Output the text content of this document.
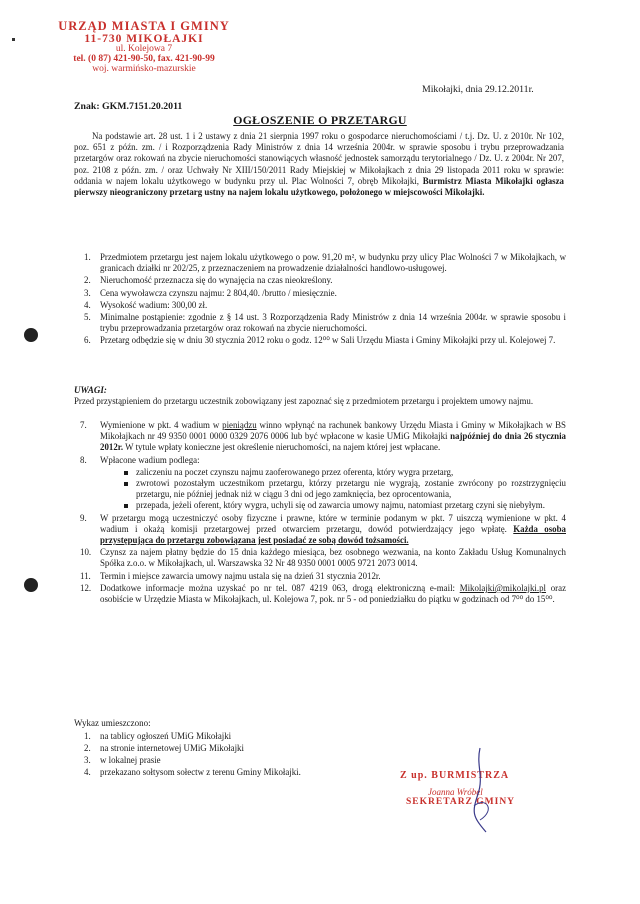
URZĄD MIASTA I GMINY
11-730 MIKOŁAJKI
ul. Kolejowa 7
tel. (0 87) 421-90-50, fax. 421-90-99
woj. warmińsko-mazurskie
Mikołajki, dnia 29.12.2011r.
Znak: GKM.7151.20.2011
OGŁOSZENIE O PRZETARGU
Na podstawie art. 28 ust. 1 i 2 ustawy z dnia 21 sierpnia 1997 roku o gospodarce nieruchomościami / t.j. Dz. U. z 2010r. Nr 102, poz. 651 z późn. zm. / i Rozporządzenia Rady Ministrów z dnia 14 września 2004r. w sprawie sposobu i trybu przeprowadzania przetargów oraz rokowań na zbycie nieruchomości stanowiących własność jednostek samorządu terytorialnego / Dz. U. z 2004r. Nr 207, poz. 2108 z późn. zm. / oraz Uchwały Nr XIII/150/2011 Rady Miejskiej w Mikołajkach z dnia 29 listopada 2011 roku w sprawie: oddania w najem lokalu użytkowego w budynku przy ul. Plac Wolności 7, obręb Mikołajki, Burmistrz Miasta Mikołajki ogłasza pierwszy nieograniczony przetarg ustny na najem lokalu użytkowego, położonego w miejscowości Mikołajki.
1. Przedmiotem przetargu jest najem lokalu użytkowego o pow. 91,20 m², w budynku przy ulicy Plac Wolności 7 w Mikołajkach, w granicach działki nr 202/25, z przeznaczeniem na prowadzenie działalności handlowo-usługowej.
2. Nieruchomość przeznacza się do wynajęcia na czas nieokreślony.
3. Cena wywoławcza czynszu najmu: 2 804,40. /brutto / miesięcznie.
4. Wysokość wadium: 300,00 zł.
5. Minimalne postąpienie: zgodnie z § 14 ust. 3 Rozporządzenia Rady Ministrów z dnia 14 września 2004r. w sprawie sposobu i trybu przeprowadzania przetargów oraz rokowań na zbycie nieruchomości.
6. Przetarg odbędzie się w dniu 30 stycznia 2012 roku o godz. 12⁰⁰ w Sali Urzędu Miasta i Gminy Mikołajki przy ul. Kolejowej 7.
UWAGI:
Przed przystąpieniem do przetargu uczestnik zobowiązany jest zapoznać się z przedmiotem przetargu i projektem umowy najmu.
7. Wymienione w pkt. 4 wadium w pieniądzu winno wpłynąć na rachunek bankowy Urzędu Miasta i Gminy w Mikołajkach w BS Mikołajkach nr 49 9350 0001 0000 0329 2076 0006 lub być wpłacone w kasie UMiG Mikołajki najpóźniej do dnia 26 stycznia 2012r. W tytule wpłaty konieczne jest określenie nieruchomości, na najem której jest wpłacane.
8. Wpłacone wadium podlega:
zaliczeniu na poczet czynszu najmu zaoferowanego przez oferenta, który wygra przetarg,
zwrotowi pozostałym uczestnikom przetargu, którzy przetargu nie wygrają, zostanie zwrócony po rozstrzygnięciu przetargu, nie później jednak niż w ciągu 3 dni od jego zamknięcia, bez oprocentowania,
przepada, jeżeli oferent, który wygra, uchyli się od zawarcia umowy najmu, natomiast przetarg czyni się niebyłym.
9. W przetargu mogą uczestniczyć osoby fizyczne i prawne, które w terminie podanym w pkt. 7 uiszczą wymienione w pkt. 4 wadium i okażą komisji przetargowej przed otwarciem przetargu, dowód potwierdzający jego wpłatę. Każda osoba przystępująca do przetargu zobowiązana jest posiadać ze sobą dowód tożsamości.
10. Czynsz za najem płatny będzie do 15 dnia każdego miesiąca, bez osobnego wezwania, na konto Zakładu Usług Komunalnych Spółka z.o.o. w Mikołajkach, ul. Warszawska 32 Nr 48 9350 0001 0005 9721 2073 0014.
11. Termin i miejsce zawarcia umowy najmu ustala się na dzień 31 stycznia 2012r.
12. Dodatkowe informacje można uzyskać po nr tel. 087 4219 063, drogą elektroniczną e-mail: Mikolajki@mikolajki.pl oraz osobiście w Urzędzie Miasta w Mikołajkach, ul. Kolejowa 7, pok. nr 5 - od poniedziałku do piątku w godzinach od 7⁰⁰ do 15⁰⁰.
Wykaz umieszczono:
1. na tablicy ogłoszeń UMiG Mikołajki
2. na stronie internetowej UMiG Mikołajki
3. w lokalnej prasie
4. przekazano sołtysom sołectw z terenu Gminy Mikołajki.	Z up. BURMISTRZA
Joanna Wróbel
SEKRETARZ GMINY
